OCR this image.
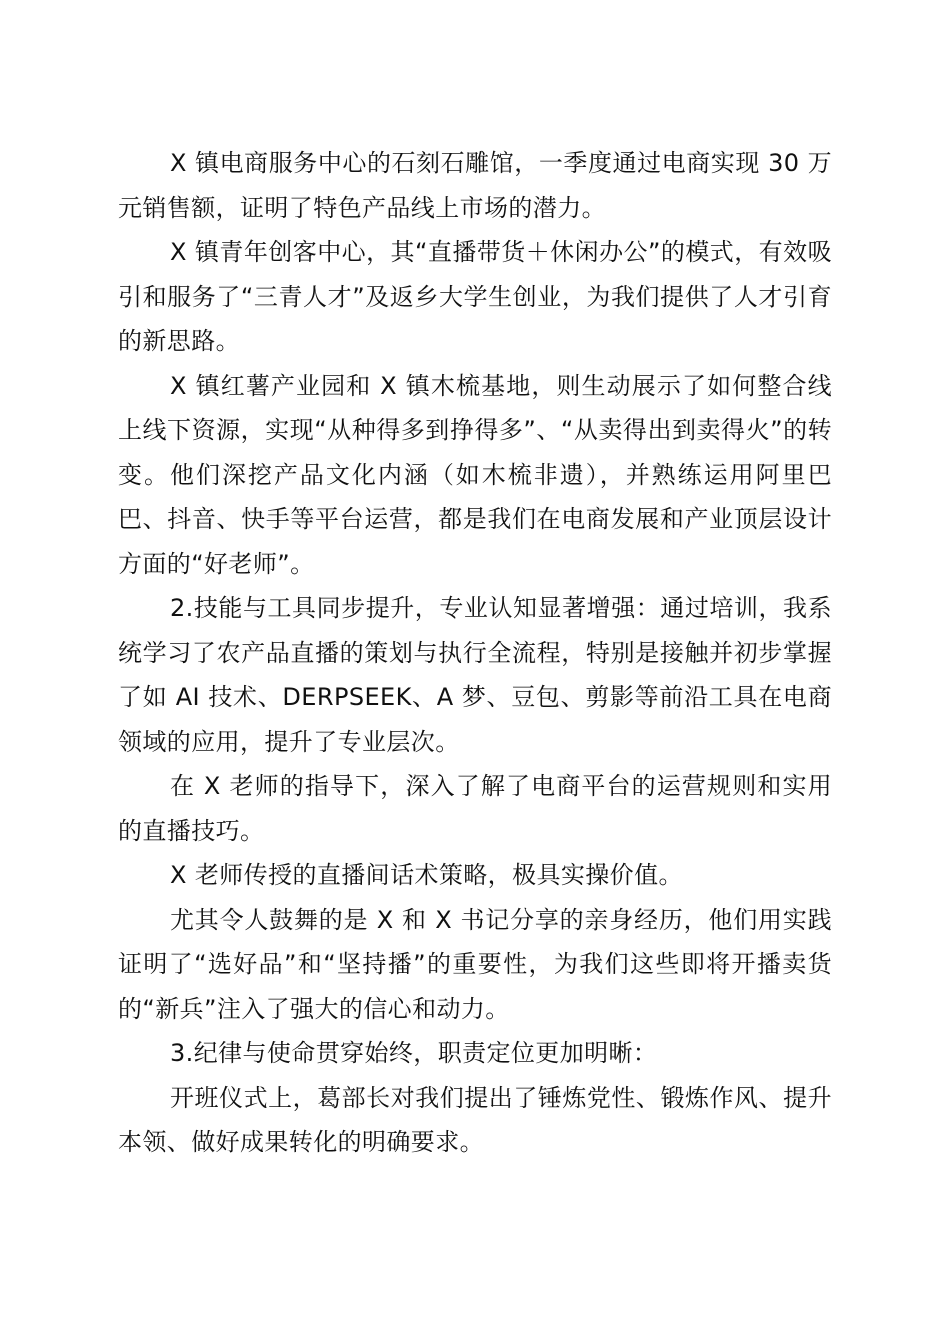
X 镇电商服务中心的石刻石雕馆，一季度通过电商实现 30 万元销售额，证明了特色产品线上市场的潜力。

X 镇青年创客中心，其“直播带货＋休闲办公”的模式，有效吸引和服务了“三青人才”及返乡大学生创业，为我们提供了人才引育的新思路。

X 镇红薯产业园和 X 镇木梳基地，则生动展示了如何整合线上线下资源，实现“从种得多到挣得多”、“从卖得出到卖得火”的转变。他们深挖产品文化内涵（如木梳非遗），并熟练运用阿里巴巴、抖音、快手等平台运营，都是我们在电商发展和产业顶层设计方面的“好老师”。

2.技能与工具同步提升，专业认知显著增强：通过培训，我系统学习了农产品直播的策划与执行全流程，特别是接触并初步掌握了如 AI 技术、DERPSEEK、A 梦、豆包、剪影等前沿工具在电商领域的应用，提升了专业层次。

在 X 老师的指导下，深入了解了电商平台的运营规则和实用的直播技巧。

X 老师传授的直播间话术策略，极具实操价值。

尤其令人鼓舞的是 X 和 X 书记分享的亲身经历，他们用实践证明了“选好品”和“坚持播”的重要性，为我们这些即将开播卖货的“新兵”注入了强大的信心和动力。

3.纪律与使命贯穿始终，职责定位更加明晰：

开班仪式上，葛部长对我们提出了锤炼党性、锻炼作风、提升本领、做好成果转化的明确要求。
